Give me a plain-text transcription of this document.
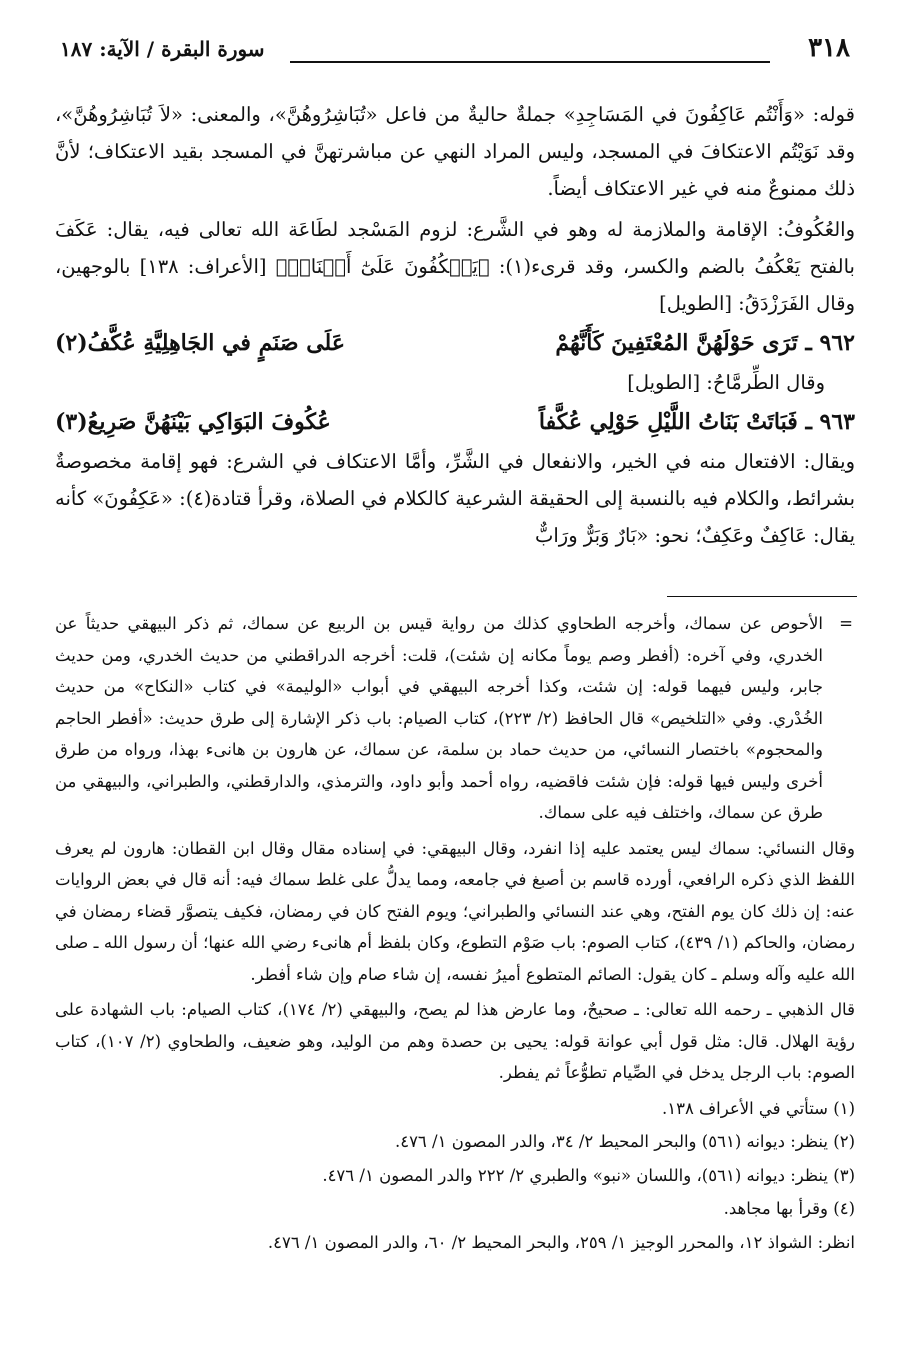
٣١٨
سورة البقرة / الآية: ١٨٧

قوله: «وَأَنْتُم عَاكِفُونَ في المَسَاجِدِ» جملةٌ حاليةٌ من فاعل «تُبَاشِرُوهُنَّ»، والمعنى: «لاَ تُبَاشِرُوهُنَّ»، وقد نَوَيْتُم الاعتكافَ في المسجد، وليس المراد النهي عن مباشرتهنَّ في المسجد بقيد الاعتكاف؛ لأنَّ ذلك ممنوعٌ منه في غير الاعتكاف أيضاً.

والعُكُوفُ: الإقامة والملازمة له وهو في الشَّرع: لزوم المَسْجد لطَاعَة الله تعالى فيه، يقال: عَكَفَ بالفتح يَعْكُفُ بالضم والكسر، وقد قرىء(١): ﴿يَعۡكُفُونَ عَلَىٰٓ أَصۡنَامٖ﴾ [الأعراف: ١٣٨] بالوجهين، وقال الفَرَزْدَقُ: [الطويل]

٩٦٢ ـ تَرَى حَوْلَهُنَّ المُعْتَفِينَ كَأَنَّهُمْ
عَلَى صَنَمٍ في الجَاهِلِيَّةِ عُكَّفُ(٢)

وقال الطِّرمَّاحُ: [الطويل]

٩٦٣ ـ فَبَاتَتْ بَنَاتُ اللَّيْلِ حَوْلِي عُكَّفاً
عُكُوفَ البَوَاكِي بَيْنَهُنَّ صَرِيعُ(٣)

ويقال: الافتعال منه في الخير، والانفعال في الشَّرِّ، وأمَّا الاعتكاف في الشرع: فهو إقامة مخصوصةٌ بشرائط، والكلام فيه بالنسبة إلى الحقيقة الشرعية كالكلام في الصلاة، وقرأ قتادة(٤): «عَكِفُونَ» كأنه يقال: عَاكِفٌ وعَكِفٌ؛ نحو: «بَارٌ وَبَرٌّ ورَابٌّ

=
الأحوص عن سماك، وأخرجه الطحاوي كذلك من رواية قيس بن الربيع عن سماك، ثم ذكر البيهقي حديثاً عن الخدري، وفي آخره: (أفطر وصم يوماً مكانه إن شئت)، قلت: أخرجه الدراقطني من حديث الخدري، ومن حديث جابر، وليس فيهما قوله: إن شئت، وكذا أخرجه البيهقي في أبواب «الوليمة» في كتاب «النكاح» من حديث الخُدْري. وفي «التلخيص» قال الحافظ (٢/ ٢٢٣)، كتاب الصيام: باب ذكر الإشارة إلى طرق حديث: «أفطر الحاجم والمحجوم» باختصار النسائي، من حديث حماد بن سلمة، عن سماك، عن هارون بن هانىء بهذا، ورواه من طرق أخرى وليس فيها قوله: فإن شئت فاقضيه، رواه أحمد وأبو داود، والترمذي، والدارقطني، والطبراني، والبيهقي من طرق عن سماك، واختلف فيه على سماك.

وقال النسائي: سماك ليس يعتمد عليه إذا انفرد، وقال البيهقي: في إسناده مقال وقال ابن القطان: هارون لم يعرف اللفظ الذي ذكره الرافعي، أورده قاسم بن أصبغ في جامعه، ومما يدلُّ على غلط سماك فيه: أنه قال في بعض الروايات عنه: إن ذلك كان يوم الفتح، وهي عند النسائي والطبراني؛ ويوم الفتح كان في رمضان، فكيف يتصوَّر قضاء رمضان في رمضان، والحاكم (١/ ٤٣٩)، كتاب الصوم: باب صَوْم التطوع، وكان بلفظ أم هانىء رضي الله عنها؛ أن رسول الله ـ صلى الله عليه وآله وسلم ـ كان يقول: الصائم المتطوع أميرُ نفسه، إن شاء صام وإن شاء أفطر.

قال الذهبي ـ رحمه الله تعالى: ـ صحيحٌ، وما عارض هذا لم يصح، والبيهقي (٢/ ١٧٤)، كتاب الصيام: باب الشهادة على رؤية الهلال. قال: مثل قول أبي عوانة قوله: يحيى بن حصدة وهم من الوليد، وهو ضعيف، والطحاوي (٢/ ١٠٧)، كتاب الصوم: باب الرجل يدخل في الصِّيام تطوُّعاً ثم يفطر.

(١) ستأتي في الأعراف ١٣٨.

(٢) ينظر: ديوانه (٥٦١) والبحر المحيط ٢/ ٣٤، والدر المصون ١/ ٤٧٦.

(٣) ينظر: ديوانه (٥٦١)، واللسان «نبو» والطبري ٢/ ٢٢٢ والدر المصون ١/ ٤٧٦.

(٤) وقرأ بها مجاهد.

انظر: الشواذ ١٢، والمحرر الوجيز ١/ ٢٥٩، والبحر المحيط ٢/ ٦٠، والدر المصون ١/ ٤٧٦.
